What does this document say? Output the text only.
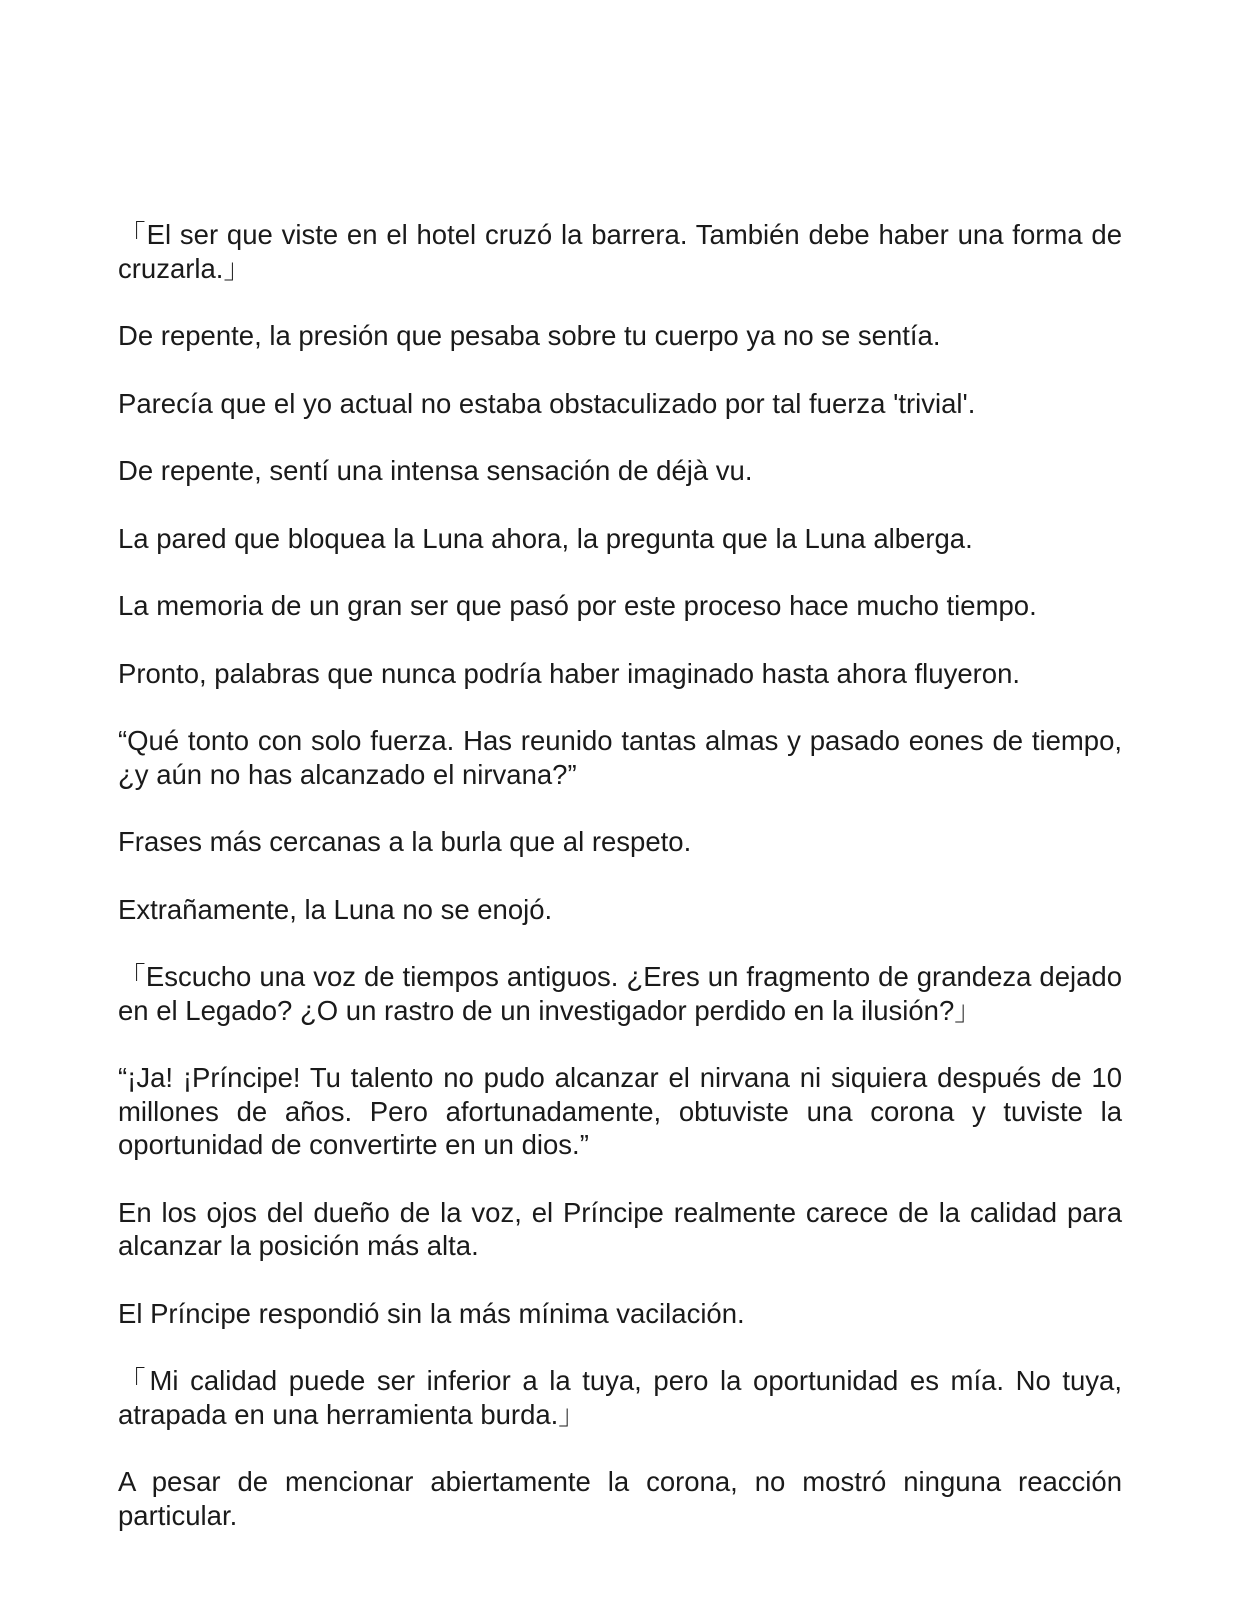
「El ser que viste en el hotel cruzó la barrera. También debe haber una forma de cruzarla.」

De repente, la presión que pesaba sobre tu cuerpo ya no se sentía.

Parecía que el yo actual no estaba obstaculizado por tal fuerza 'trivial'.

De repente, sentí una intensa sensación de déjà vu.

La pared que bloquea la Luna ahora, la pregunta que la Luna alberga.

La memoria de un gran ser que pasó por este proceso hace mucho tiempo.

Pronto, palabras que nunca podría haber imaginado hasta ahora fluyeron.

“Qué tonto con solo fuerza. Has reunido tantas almas y pasado eones de tiempo, ¿y aún no has alcanzado el nirvana?”

Frases más cercanas a la burla que al respeto.

Extrañamente, la Luna no se enojó.

「Escucho una voz de tiempos antiguos. ¿Eres un fragmento de grandeza dejado en el Legado? ¿O un rastro de un investigador perdido en la ilusión?」

“¡Ja! ¡Príncipe! Tu talento no pudo alcanzar el nirvana ni siquiera después de 10 millones de años. Pero afortunadamente, obtuviste una corona y tuviste la oportunidad de convertirte en un dios.”

En los ojos del dueño de la voz, el Príncipe realmente carece de la calidad para alcanzar la posición más alta.

El Príncipe respondió sin la más mínima vacilación.

「Mi calidad puede ser inferior a la tuya, pero la oportunidad es mía. No tuya, atrapada en una herramienta burda.」

A pesar de mencionar abiertamente la corona, no mostró ninguna reacción particular.
